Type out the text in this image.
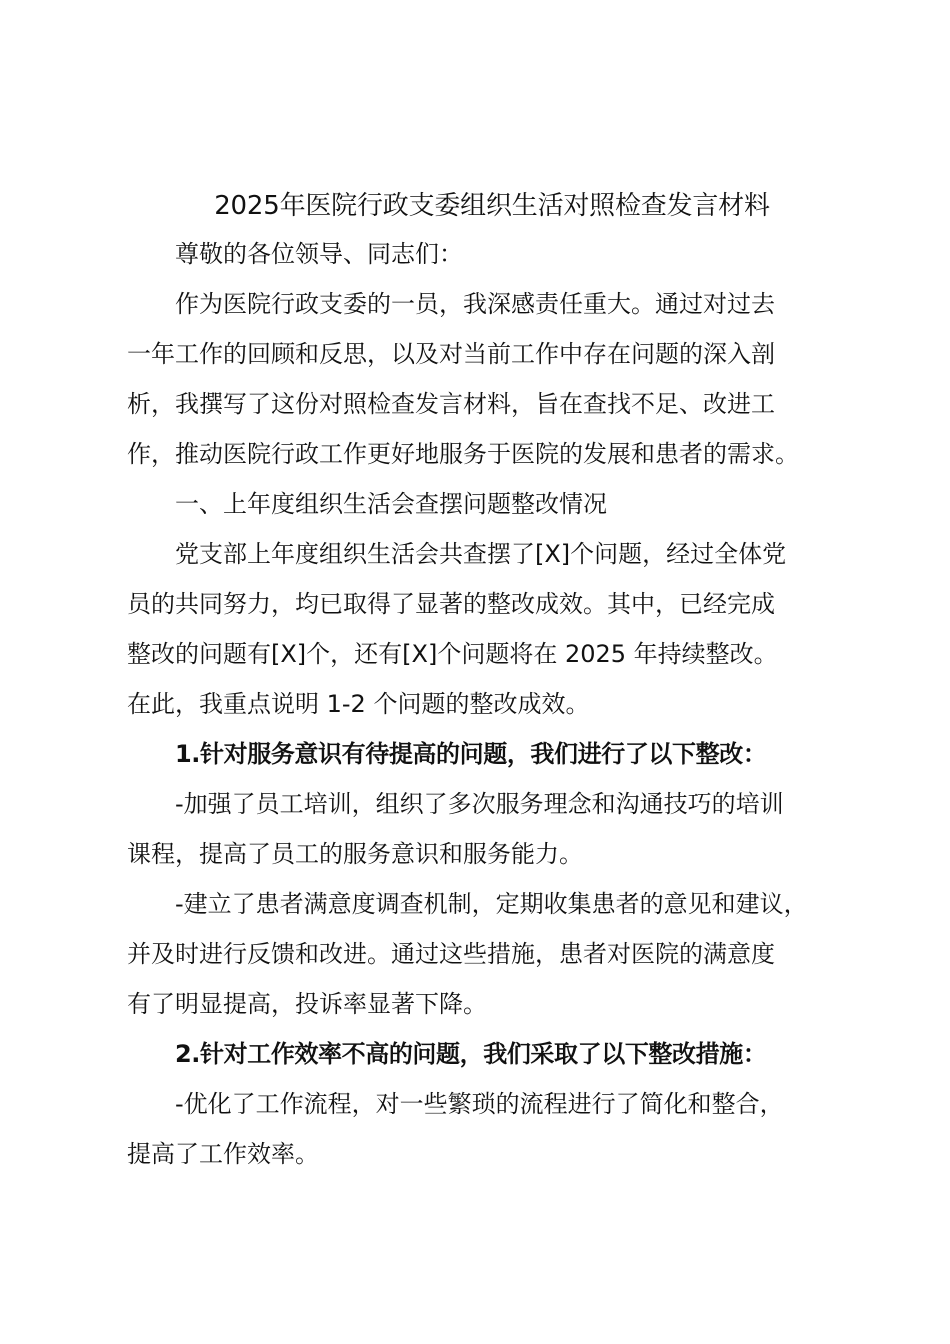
2025年医院行政支委组织生活对照检查发言材料
尊敬的各位领导、同志们：
作为医院行政支委的一员，我深感责任重大。通过对过去
一年工作的回顾和反思，以及对当前工作中存在问题的深入剖
析，我撰写了这份对照检查发言材料，旨在查找不足、改进工
作，推动医院行政工作更好地服务于医院的发展和患者的需求。
一、上年度组织生活会查摆问题整改情况
党支部上年度组织生活会共查摆了[X]个问题，经过全体党
员的共同努力，均已取得了显著的整改成效。其中，已经完成
整改的问题有[X]个，还有[X]个问题将在 2025 年持续整改。
在此，我重点说明 1-2 个问题的整改成效。
1.针对服务意识有待提高的问题，我们进行了以下整改：
-加强了员工培训，组织了多次服务理念和沟通技巧的培训
课程，提高了员工的服务意识和服务能力。
-建立了患者满意度调查机制，定期收集患者的意见和建议，
并及时进行反馈和改进。通过这些措施，患者对医院的满意度
有了明显提高，投诉率显著下降。
2.针对工作效率不高的问题，我们采取了以下整改措施：
-优化了工作流程，对一些繁琐的流程进行了简化和整合，
提高了工作效率。
